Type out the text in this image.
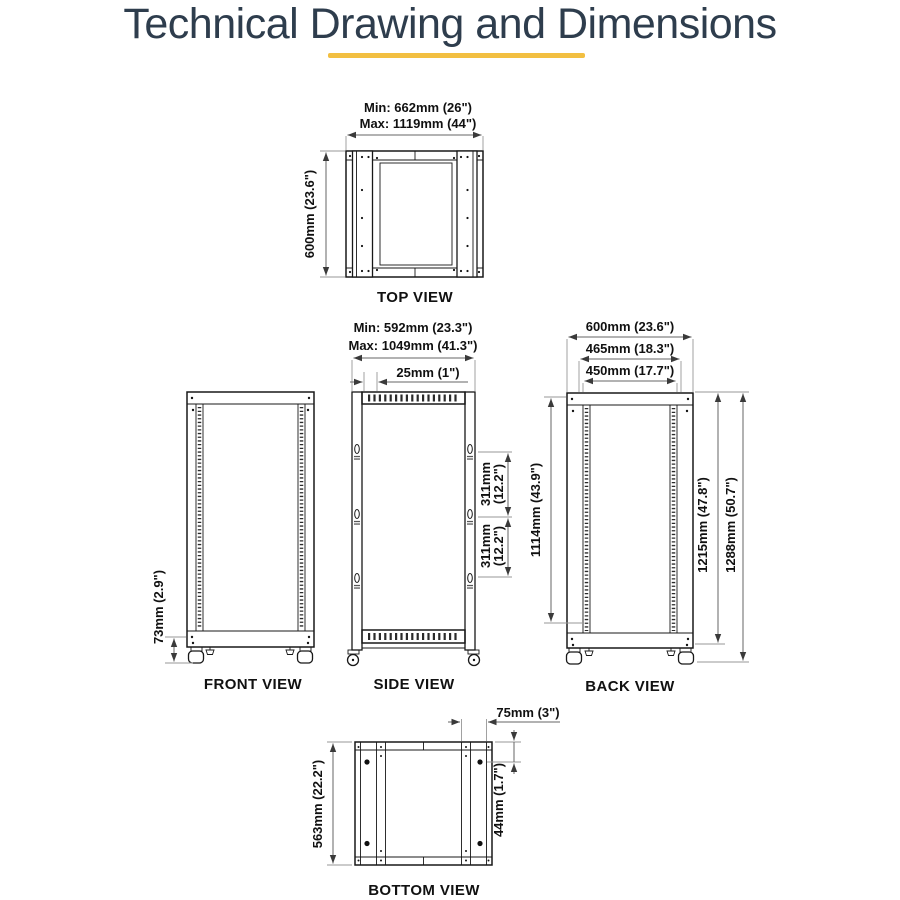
Technical Drawing and Dimensions
Min: 662mm (26")
Max: 1119mm (44")
600mm (23.6")
TOP VIEW
73mm (2.9")
FRONT VIEW
Min: 592mm (23.3")
Max: 1049mm (41.3")
25mm (1")
311mm
(12.2")
311mm
(12.2")
SIDE VIEW
600mm (23.6")
465mm (18.3")
450mm (17.7")
1114mm (43.9")	1215mm (47.8") 1288mm (50.7")
BACK VIEW
75mm (3")
563mm (22.2")	44mm (1.7")
BOTTOM VIEW
